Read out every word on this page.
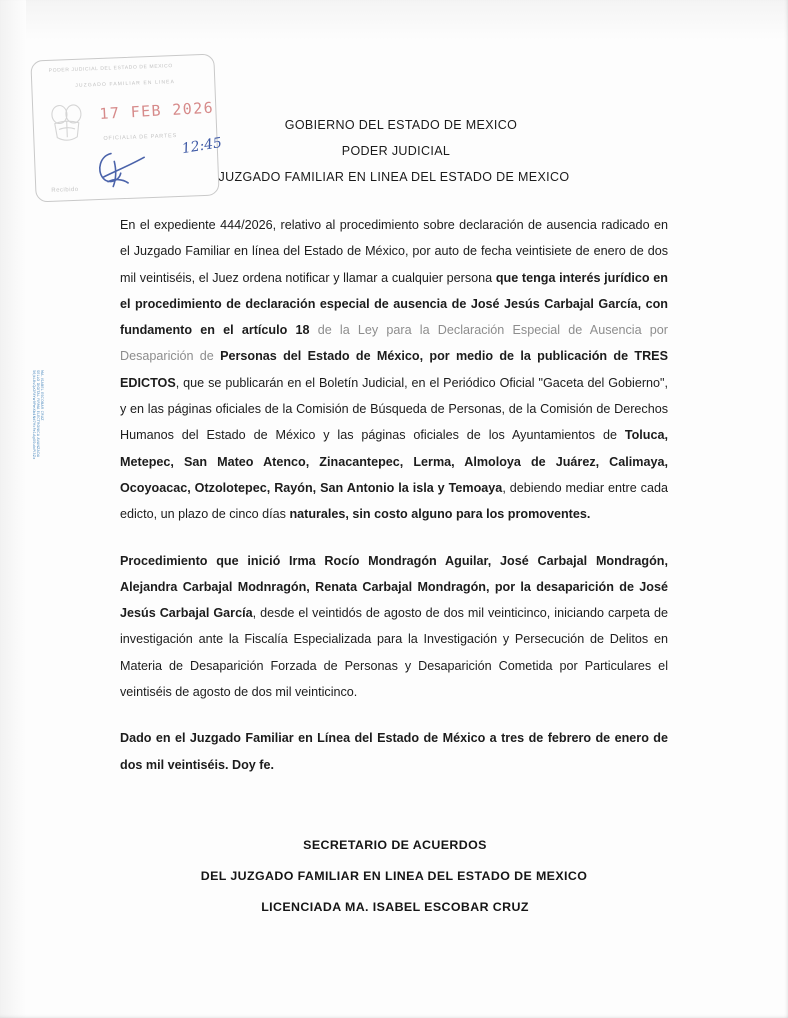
PODER JUDICIAL DEL ESTADO DE MEXICO
JUZGADO FAMILIAR EN LINEA
17 FEB 2026
OFICIALIA DE PARTES
Recibido
12:45
MA. ISABEL ESCOBAR CRUZ
SELLO DIGITAL FIRMA ELECTRONICA AVANZADA
56JkL8vQz2RtYw9PmXb4Nd7HcFe1Ag0SuIoPl3Zx
GOBIERNO DEL ESTADO DE MEXICO
PODER JUDICIAL
JUZGADO FAMILIAR EN LINEA DEL ESTADO DE MEXICO

En el expediente 444/2026, relativo al procedimiento sobre declaración de ausencia radicado en el Juzgado Familiar en línea del Estado de México, por auto de fecha veintisiete de enero de dos mil veintiséis, el Juez ordena notificar y llamar a cualquier persona que tenga interés jurídico en el procedimiento de declaración especial de ausencia de José Jesús Carbajal García, con fundamento en el artículo 18 de la Ley para la Declaración Especial de Ausencia por Desaparición de Personas del Estado de México, por medio de la publicación de TRES EDICTOS, que se publicarán en el Boletín Judicial, en el Periódico Oficial "Gaceta del Gobierno", y en las páginas oficiales de la Comisión de Búsqueda de Personas, de la Comisión de Derechos Humanos del Estado de México y las páginas oficiales de los Ayuntamientos de Toluca, Metepec, San Mateo Atenco, Zinacantepec, Lerma, Almoloya de Juárez, Calimaya, Ocoyoacac, Otzolotepec, Rayón, San Antonio la isla y Temoaya, debiendo mediar entre cada edicto, un plazo de cinco días naturales, sin costo alguno para los promoventes.

Procedimiento que inició Irma Rocío Mondragón Aguilar, José Carbajal Mondragón, Alejandra Carbajal Modnragón, Renata Carbajal Mondragón, por la desaparición de José Jesús Carbajal García, desde el veintidós de agosto de dos mil veinticinco, iniciando carpeta de investigación ante la Fiscalía Especializada para la Investigación y Persecución de Delitos en Materia de Desaparición Forzada de Personas y Desaparición Cometida por Particulares el veintiséis de agosto de dos mil veinticinco.

Dado en el Juzgado Familiar en Línea del Estado de México a tres de febrero de enero de dos mil veintiséis. Doy fe.

SECRETARIO DE ACUERDOS
DEL JUZGADO FAMILIAR EN LINEA DEL ESTADO DE MEXICO
LICENCIADA MA. ISABEL ESCOBAR CRUZ
